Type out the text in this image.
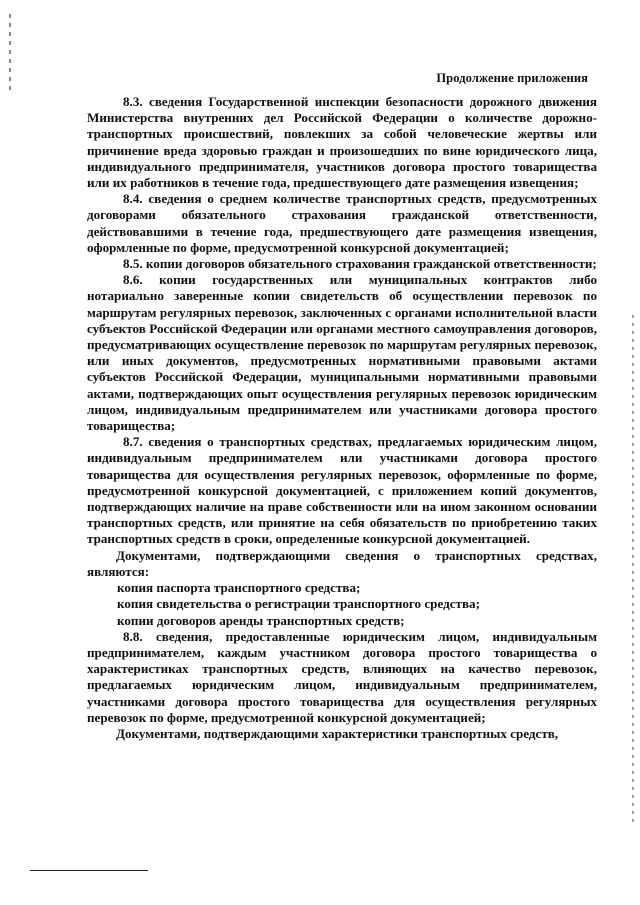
Продолжение приложения

8.3. сведения Государственной инспекции безопасности дорожного движения Министерства внутренних дел Российской Федерации о количестве дорожно-транспортных происшествий, повлекших за собой человеческие жертвы или причинение вреда здоровью граждан и произошедших по вине юридического лица, индивидуального предпринимателя, участников договора простого товарищества или их работников в течение года, предшествующего дате размещения извещения;

8.4. сведения о среднем количестве транспортных средств, предусмотренных договорами обязательного страхования гражданской ответственности, действовавшими в течение года, предшествующего дате размещения извещения, оформленные по форме, предусмотренной конкурсной документацией;

8.5. копии договоров обязательного страхования гражданской ответственности;

8.6. копии государственных или муниципальных контрактов либо нотариально заверенные копии свидетельств об осуществлении перевозок по маршрутам регулярных перевозок, заключенных с органами исполнительной власти субъектов Российской Федерации или органами местного самоуправления договоров, предусматривающих осуществление перевозок по маршрутам регулярных перевозок, или иных документов, предусмотренных нормативными правовыми актами субъектов Российской Федерации, муниципальными нормативными правовыми актами, подтверждающих опыт осуществления регулярных перевозок юридическим лицом, индивидуальным предпринимателем или участниками договора простого товарищества;

8.7. сведения о транспортных средствах, предлагаемых юридическим лицом, индивидуальным предпринимателем или участниками договора простого товарищества для осуществления регулярных перевозок, оформленные по форме, предусмотренной конкурсной документацией, с приложением копий документов, подтверждающих наличие на праве собственности или на ином законном основании транспортных средств, или принятие на себя обязательств по приобретению таких транспортных средств в сроки, определенные конкурсной документацией.

Документами, подтверждающими сведения о транспортных средствах, являются:

копия паспорта транспортного средства;

копия свидетельства о регистрации транспортного средства;

копии договоров аренды транспортных средств;

8.8. сведения, предоставленные юридическим лицом, индивидуальным предпринимателем, каждым участником договора простого товарищества о характеристиках транспортных средств, влияющих на качество перевозок, предлагаемых юридическим лицом, индивидуальным предпринимателем, участниками договора простого товарищества для осуществления регулярных перевозок по форме, предусмотренной конкурсной документацией;

Документами, подтверждающими характеристики транспортных средств,
